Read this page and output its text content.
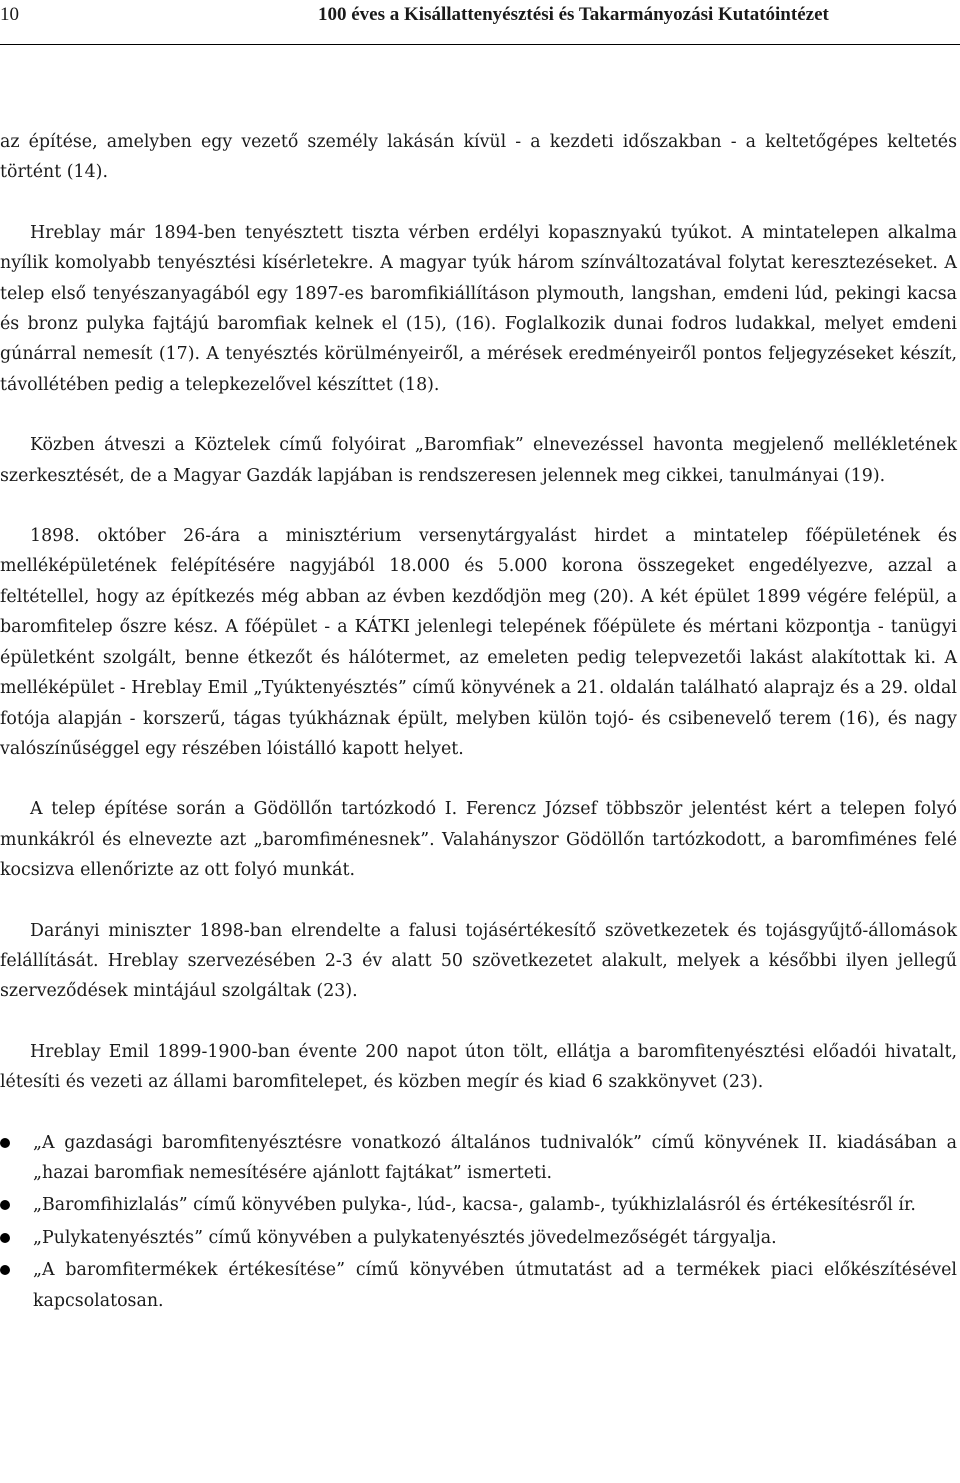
10	100 éves a Kisállattenyésztési és Takarmányozási Kutatóintézet

az építése, amelyben egy vezető személy lakásán kívül - a kezdeti időszakban - a keltetőgépes keltetés történt (14).

Hreblay már 1894-ben tenyésztett tiszta vérben erdélyi kopasznyakú tyúkot. A mintatelepen alkalma nyílik komolyabb tenyésztési kísérletekre. A magyar tyúk három színváltozatával folytat keresztezéseket. A telep első tenyészanyagából egy 1897-es baromfikiállításon plymouth, langshan, emdeni lúd, pekingi kacsa és bronz pulyka fajtájú baromfiak kelnek el (15), (16). Foglalkozik dunai fodros ludakkal, melyet emdeni gúnárral nemesít (17). A tenyésztés körülményeiről, a mérések eredményeiről pontos feljegyzéseket készít, távollétében pedig a telepkezelővel készíttet (18).

Közben átveszi a Köztelek című folyóirat „Baromfiak” elnevezéssel havonta megjelenő mellékletének szerkesztését, de a Magyar Gazdák lapjában is rendszeresen jelennek meg cikkei, tanulmányai (19).

1898. október 26-ára a minisztérium versenytárgyalást hirdet a mintatelep főépületének és melléképületének felépítésére nagyjából 18.000 és 5.000 korona összegeket engedélyezve, azzal a feltétellel, hogy az építkezés még abban az évben kezdődjön meg (20). A két épület 1899 végére felépül, a baromfitelep őszre kész. A főépület - a KÁTKI jelenlegi telepének főépülete és mértani központja - tanügyi épületként szolgált, benne étkezőt és hálótermet, az emeleten pedig telepvezetői lakást alakítottak ki. A melléképület - Hreblay Emil „Tyúktenyésztés” című könyvének a 21. oldalán található alaprajz és a 29. oldal fotója alapján - korszerű, tágas tyúkháznak épült, melyben külön tojó- és csibenevelő terem (16), és nagy valószínűséggel egy részében lóistálló kapott helyet.

A telep építése során a Gödöllőn tartózkodó I. Ferencz József többször jelentést kért a telepen folyó munkákról és elnevezte azt „baromfiménesnek”. Valahányszor Gödöllőn tartózkodott, a baromfiménes felé kocsizva ellenőrizte az ott folyó munkát.

Darányi miniszter 1898-ban elrendelte a falusi tojásértékesítő szövetkezetek és tojásgyűjtő-állomások felállítását. Hreblay szervezésében 2-3 év alatt 50 szövetkezetet alakult, melyek a későbbi ilyen jellegű szerveződések mintájául szolgáltak (23).

Hreblay Emil 1899-1900-ban évente 200 napot úton tölt, ellátja a baromfitenyésztési előadói hivatalt, létesíti és vezeti az állami baromfitelepet, és közben megír és kiad 6 szakkönyvet (23).

„A gazdasági baromfitenyésztésre vonatkozó általános tudnivalók” című könyvének II. kiadásában a „hazai baromfiak nemesítésére ajánlott fajtákat” ismerteti.
„Baromfihizlalás” című könyvében pulyka-, lúd-, kacsa-, galamb-, tyúkhizlalásról és értékesítésről ír.
„Pulykatenyésztés” című könyvében a pulykatenyésztés jövedelmezőségét tárgyalja.
„A baromfitermékek értékesítése” című könyvében útmutatást ad a termékek piaci előkészítésével kapcsolatosan.
